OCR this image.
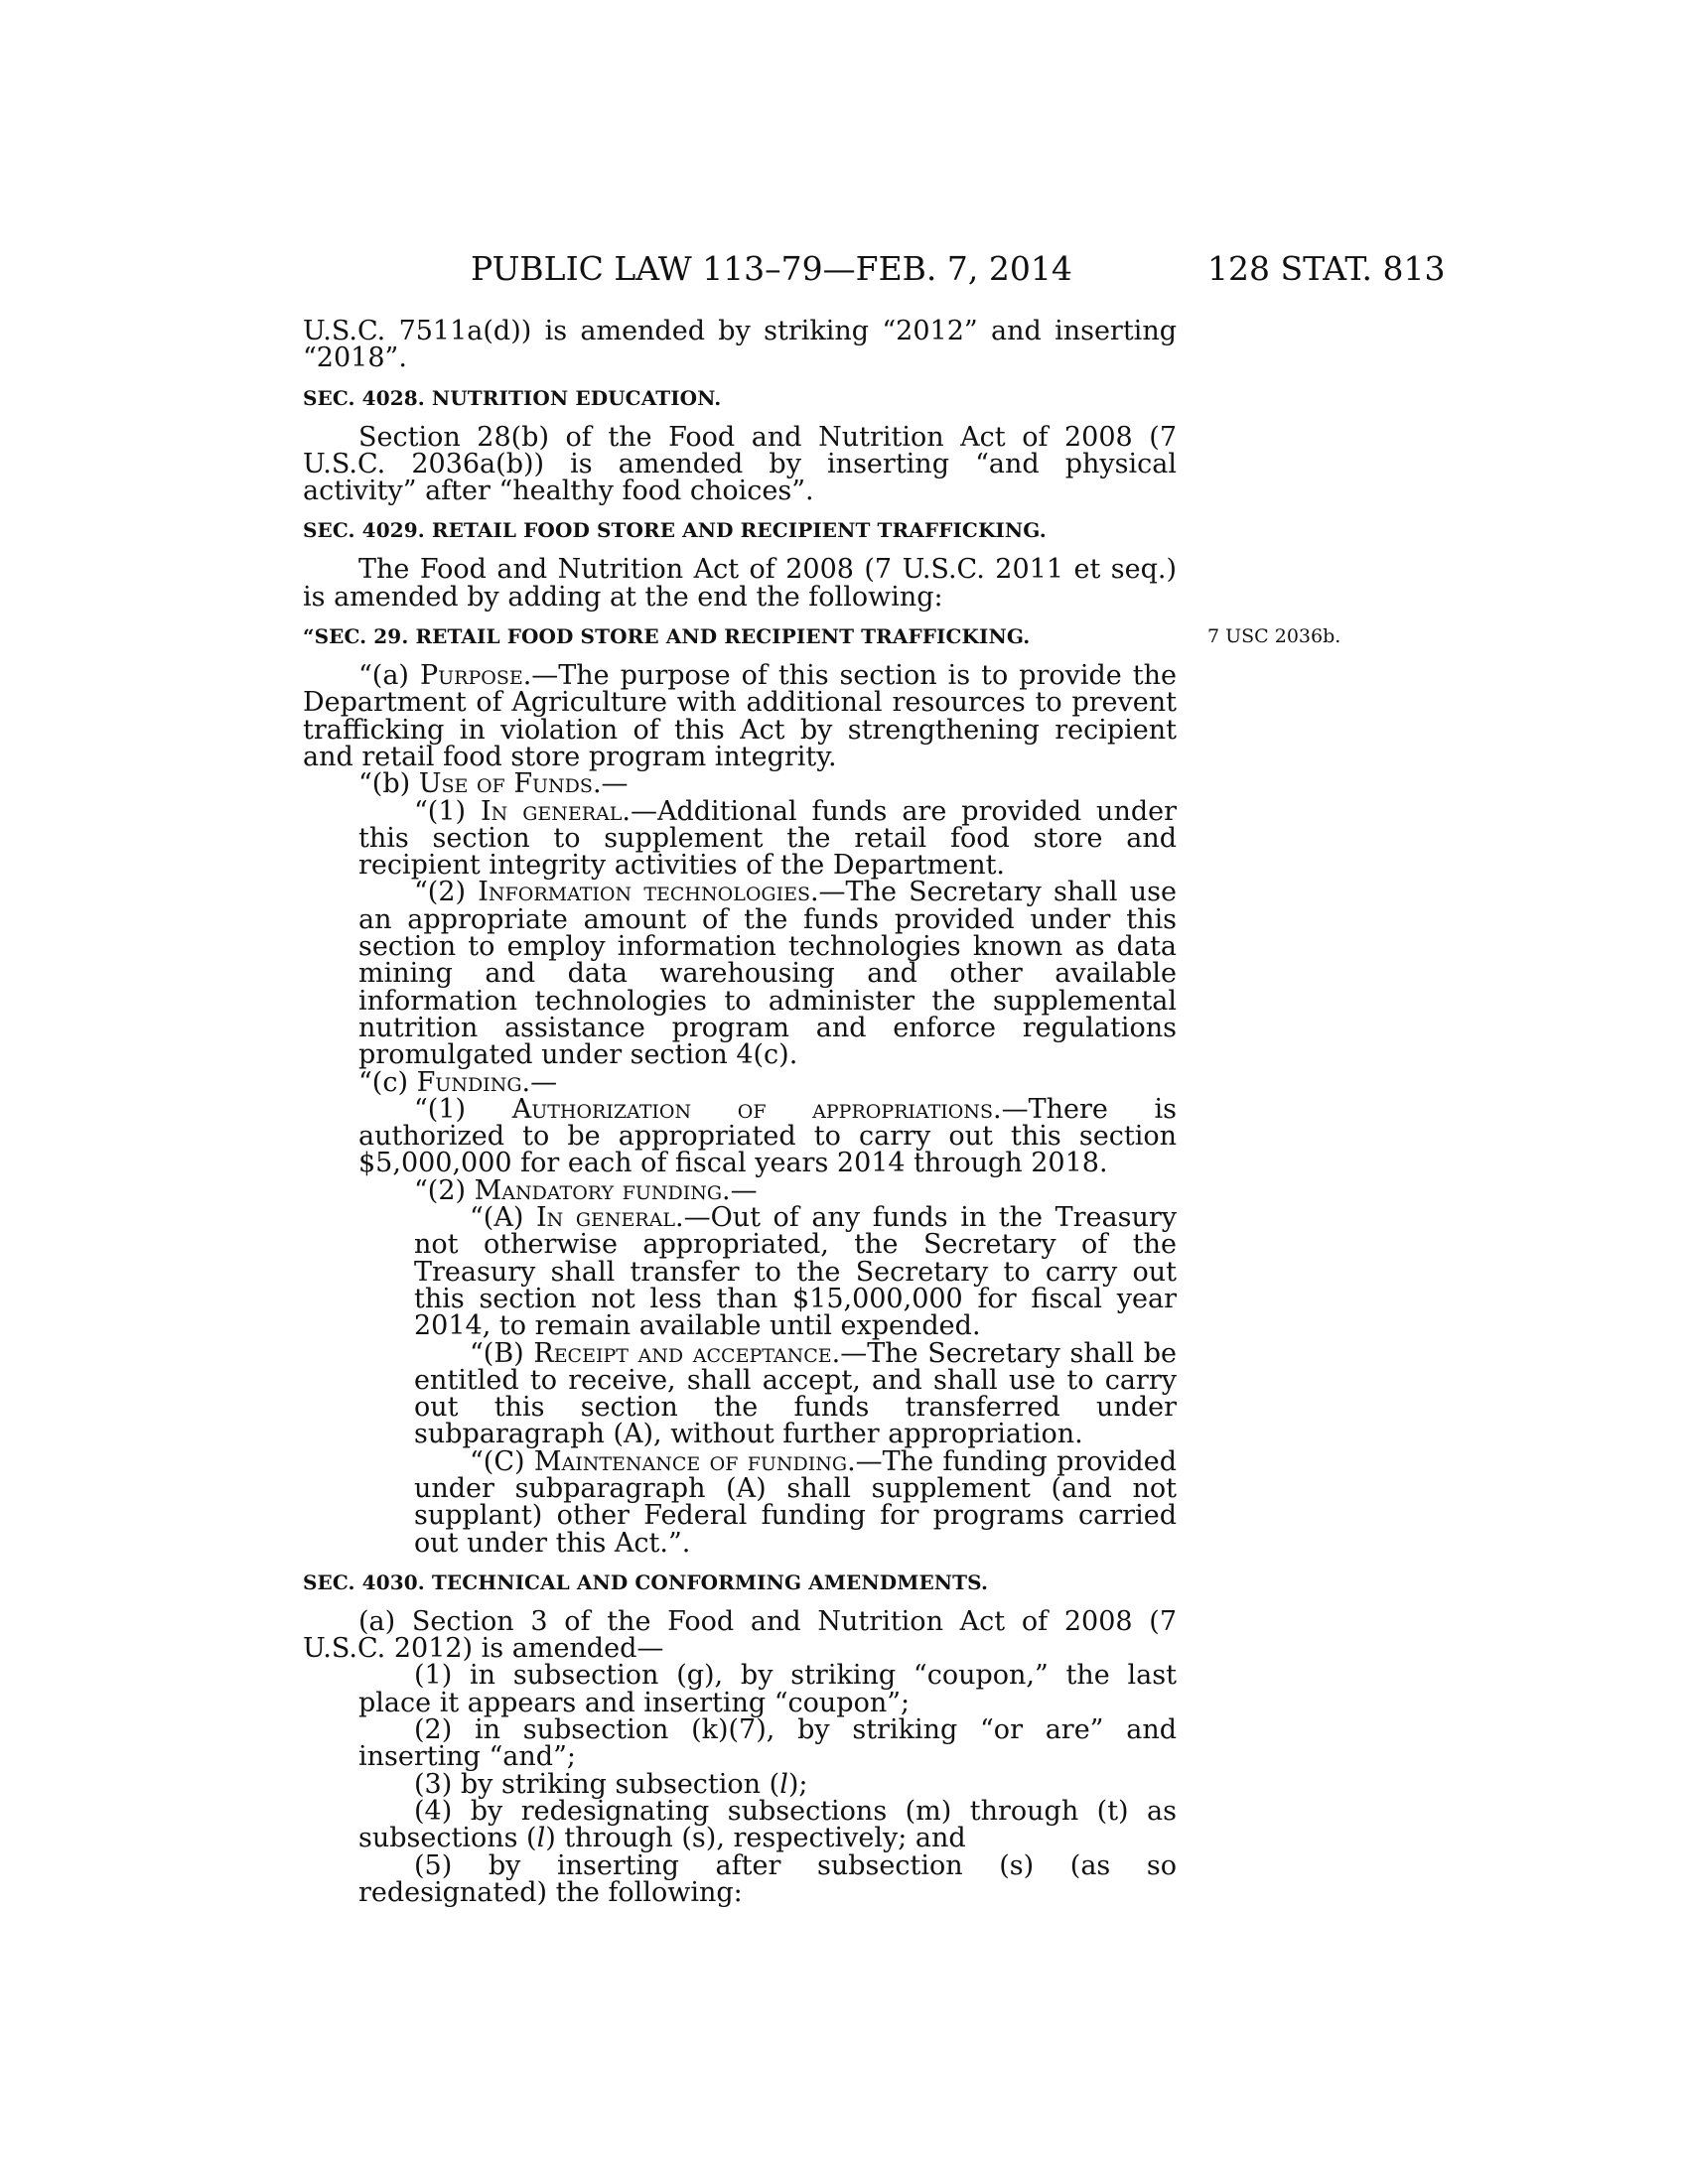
PUBLIC LAW 113–79—FEB. 7, 2014	128 STAT. 813
7 USC 2036b.

U.S.C. 7511a(d)) is amended by striking “2012” and inserting “2018”.

SEC. 4028. NUTRITION EDUCATION.

Section 28(b) of the Food and Nutrition Act of 2008 (7 U.S.C. 2036a(b)) is amended by inserting “and physical activity” after “healthy food choices”.

SEC. 4029. RETAIL FOOD STORE AND RECIPIENT TRAFFICKING.

The Food and Nutrition Act of 2008 (7 U.S.C. 2011 et seq.) is amended by adding at the end the following:

“SEC. 29. RETAIL FOOD STORE AND RECIPIENT TRAFFICKING.

“(a) Purpose.—The purpose of this section is to provide the Department of Agriculture with additional resources to prevent trafficking in violation of this Act by strengthening recipient and retail food store program integrity.

“(b) Use of Funds.—

“(1) In general.—Additional funds are provided under this section to supplement the retail food store and recipient integrity activities of the Department.

“(2) Information technologies.—The Secretary shall use an appropriate amount of the funds provided under this section to employ information technologies known as data mining and data warehousing and other available information technologies to administer the supplemental nutrition assistance program and enforce regulations promulgated under section 4(c).

“(c) Funding.—

“(1) Authorization of appropriations.—There is authorized to be appropriated to carry out this section $5,000,000 for each of fiscal years 2014 through 2018.

“(2) Mandatory funding.—

“(A) In general.—Out of any funds in the Treasury not otherwise appropriated, the Secretary of the Treasury shall transfer to the Secretary to carry out this section not less than $15,000,000 for fiscal year 2014, to remain available until expended.

“(B) Receipt and acceptance.—The Secretary shall be entitled to receive, shall accept, and shall use to carry out this section the funds transferred under subparagraph (A), without further appropriation.

“(C) Maintenance of funding.—The funding provided under subparagraph (A) shall supplement (and not supplant) other Federal funding for programs carried out under this Act.”.

SEC. 4030. TECHNICAL AND CONFORMING AMENDMENTS.

(a) Section 3 of the Food and Nutrition Act of 2008 (7 U.S.C. 2012) is amended—

(1) in subsection (g), by striking “coupon,” the last place it appears and inserting “coupon”;

(2) in subsection (k)(7), by striking “or are” and inserting “and”;

(3) by striking subsection (l);

(4) by redesignating subsections (m) through (t) as subsections (l) through (s), respectively; and

(5) by inserting after subsection (s) (as so redesignated) the following:
